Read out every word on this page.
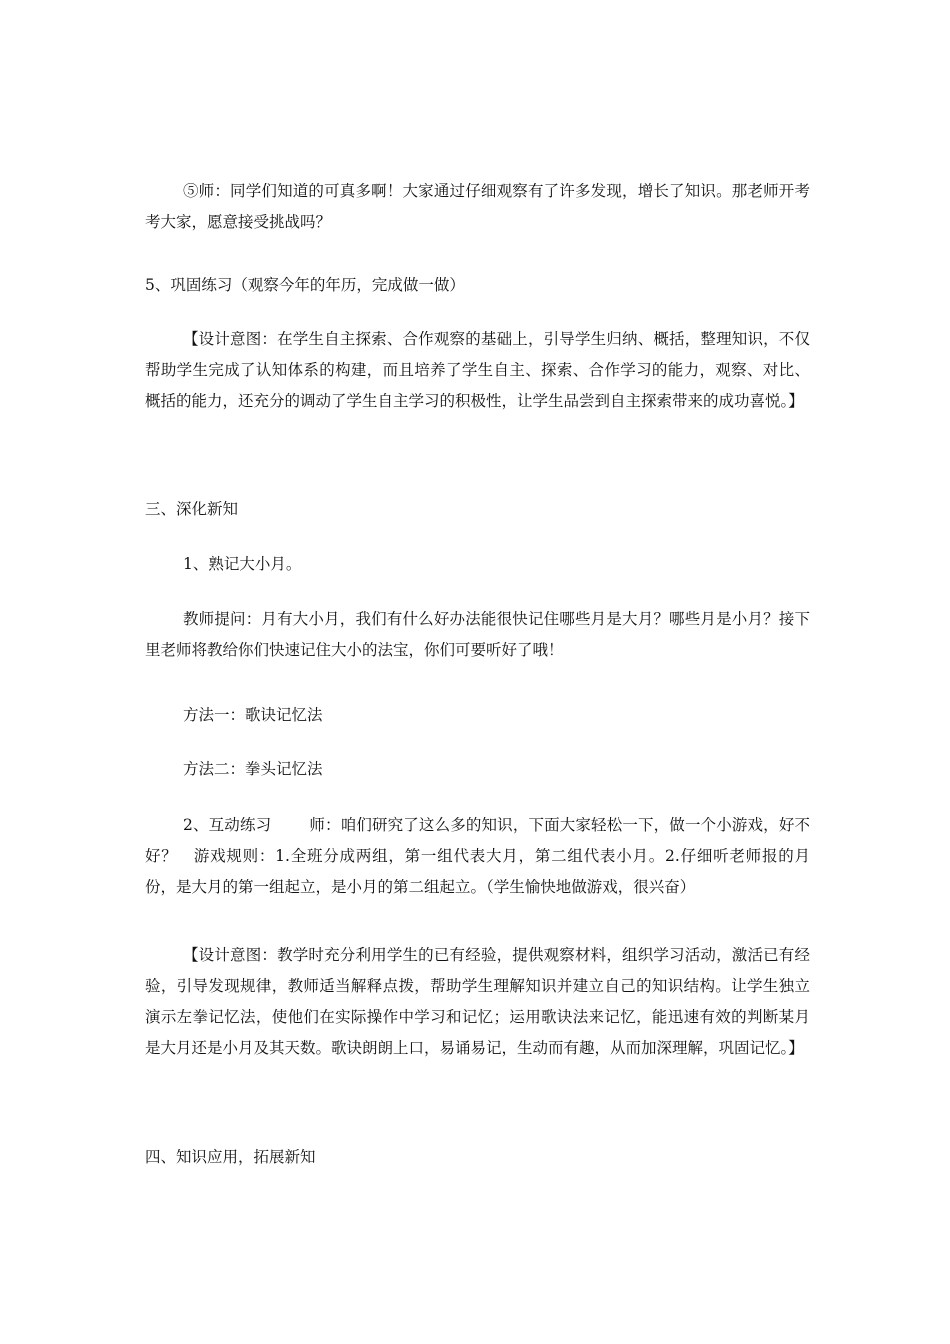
⑤师：同学们知道的可真多啊！大家通过仔细观察有了许多发现，增长了知识。那老师开考考大家，愿意接受挑战吗？

5、巩固练习（观察今年的年历，完成做一做）

【设计意图：在学生自主探索、合作观察的基础上，引导学生归纳、概括，整理知识，不仅帮助学生完成了认知体系的构建，而且培养了学生自主、探索、合作学习的能力，观察、对比、概括的能力，还充分的调动了学生自主学习的积极性，让学生品尝到自主探索带来的成功喜悦。】

三、深化新知

1、熟记大小月。

教师提问：月有大小月，我们有什么好办法能很快记住哪些月是大月？哪些月是小月？接下里老师将教给你们快速记住大小的法宝，你们可要听好了哦！

方法一：歌诀记忆法

方法二：拳头记忆法

2、互动练习 师：咱们研究了这么多的知识，下面大家轻松一下，做一个小游戏，好不好？　游戏规则：1.全班分成两组，第一组代表大月，第二组代表小月。2.仔细听老师报的月份，是大月的第一组起立，是小月的第二组起立。（学生愉快地做游戏，很兴奋）

【设计意图：教学时充分利用学生的已有经验，提供观察材料，组织学习活动，激活已有经验，引导发现规律，教师适当解释点拨，帮助学生理解知识并建立自己的知识结构。让学生独立演示左拳记忆法，使他们在实际操作中学习和记忆；运用歌诀法来记忆，能迅速有效的判断某月是大月还是小月及其天数。歌诀朗朗上口，易诵易记，生动而有趣，从而加深理解，巩固记忆。】

四、知识应用，拓展新知
